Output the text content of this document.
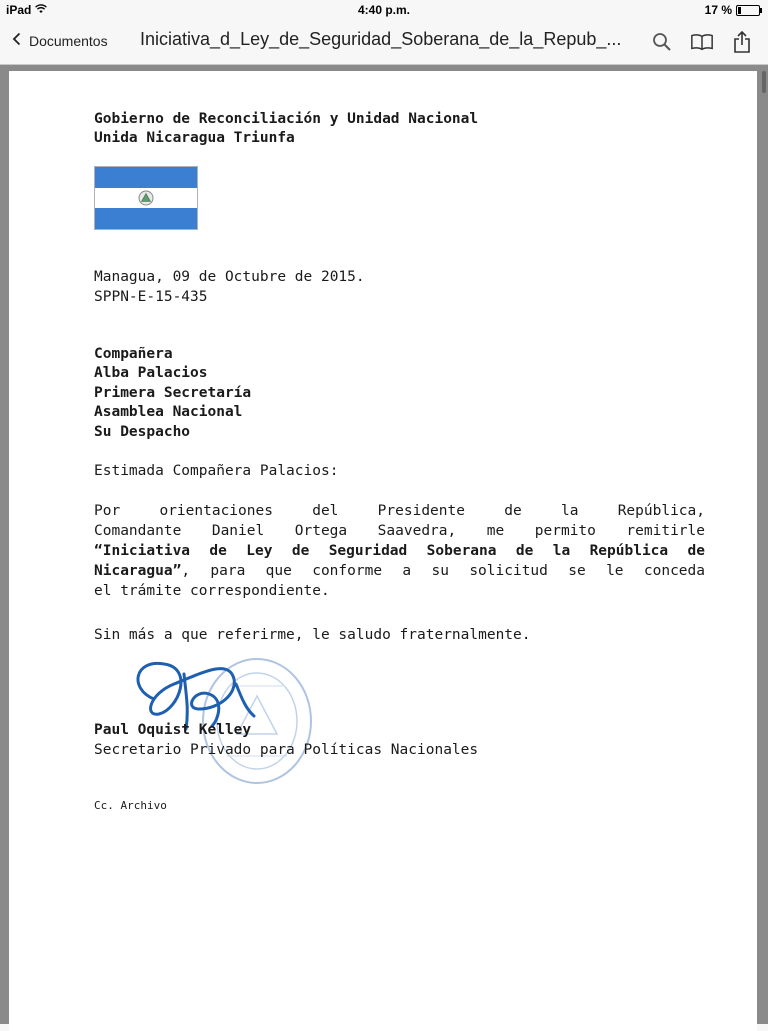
iPad	4:40 p.m.	17 %
Documentos Iniciativa_d_Ley_de_Seguridad_Soberana_de_la_Repub_...
Gobierno de Reconciliación y Unidad Nacional
Unida Nicaragua Triunfa
Managua, 09 de Octubre de 2015.
SPPN-E-15-435
Compañera
Alba Palacios
Primera Secretaría
Asamblea Nacional
Su Despacho
Estimada Compañera Palacios:
Por orientaciones del Presidente de la República,
Comandante Daniel Ortega Saavedra, me permito remitirle
“Iniciativa de Ley de Seguridad Soberana de la República de
Nicaragua”, para que conforme a su solicitud se le conceda
el trámite correspondiente.
Sin más a que referirme, le saludo fraternalmente.
Paul Oquist Kelley
Secretario Privado para Políticas Nacionales
Cc. Archivo
